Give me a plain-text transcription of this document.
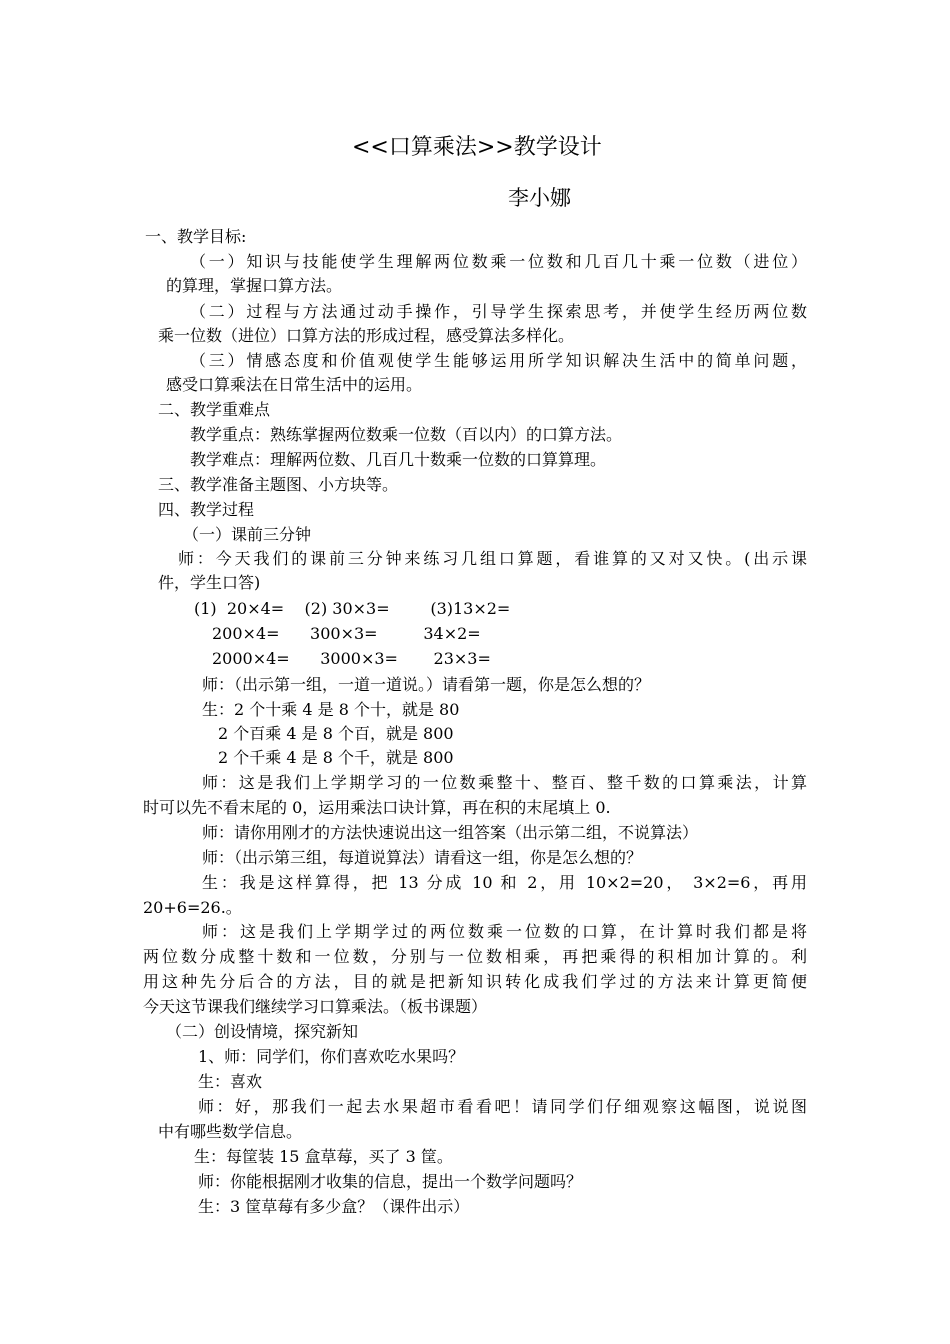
<<口算乘法>>教学设计
李小娜
一、教学目标:
（一）知识与技能使学生理解两位数乘一位数和几百几十乘一位数（进位）
的算理，掌握口算方法。
（二）过程与方法通过动手操作，引导学生探索思考，并使学生经历两位数
乘一位数（进位）口算方法的形成过程，感受算法多样化。
（三）情感态度和价值观使学生能够运用所学知识解决生活中的简单问题，
感受口算乘法在日常生活中的运用。
二、教学重难点
教学重点：熟练掌握两位数乘一位数（百以内）的口算方法。
教学难点：理解两位数、几百几十数乘一位数的口算算理。
三、教学准备主题图、小方块等。
四、教学过程
（一）课前三分钟
师：今天我们的课前三分钟来练习几组口算题，看谁算的又对又快。(出示课
件，学生口答)
(1)  20×4=    (2) 30×3=        (3)13×2=
200×4=      300×3=         34×2=
2000×4=      3000×3=       23×3=
师：（出示第一组，一道一道说。）请看第一题，你是怎么想的？
生：2 个十乘 4 是 8 个十，就是 80
2 个百乘 4 是 8 个百，就是 800
2 个千乘 4 是 8 个千，就是 800
师：这是我们上学期学习的一位数乘整十、整百、整千数的口算乘法，计算
时可以先不看末尾的 0，运用乘法口诀计算，再在积的末尾填上 0.
师：请你用刚才的方法快速说出这一组答案（出示第二组，不说算法）
师：（出示第三组，每道说算法）请看这一组，你是怎么想的？
生：我是这样算得，把 13 分成 10 和 2，用 10×2=20， 3×2=6，再用
20+6=26.。
师：这是我们上学期学过的两位数乘一位数的口算，在计算时我们都是将
两位数分成整十数和一位数，分别与一位数相乘，再把乘得的积相加计算的。利
用这种先分后合的方法，目的就是把新知识转化成我们学过的方法来计算更简便
今天这节课我们继续学习口算乘法。（板书课题）
（二）创设情境，探究新知
1、师：同学们，你们喜欢吃水果吗？
生：喜欢
师：好，那我们一起去水果超市看看吧！请同学们仔细观察这幅图，说说图
中有哪些数学信息。
生：每筐装 15 盒草莓，买了 3 筐。
师：你能根据刚才收集的信息，提出一个数学问题吗？
生：3 筐草莓有多少盒？（课件出示）
